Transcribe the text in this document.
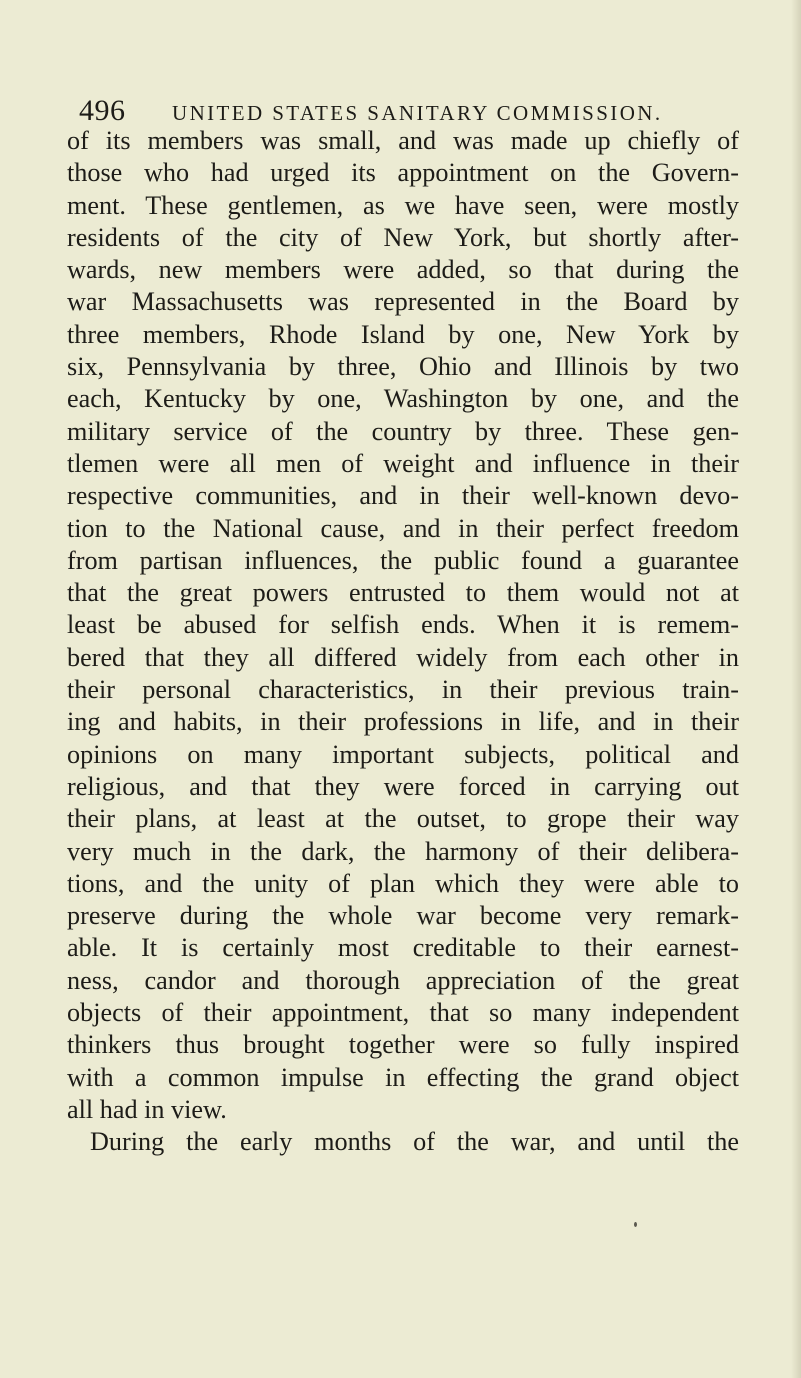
496 UNITED STATES SANITARY COMMISSION.
of its members was small, and was made up chiefly of
those who had urged its appointment on the Govern-
ment. These gentlemen, as we have seen, were mostly
residents of the city of New York, but shortly after-
wards, new members were added, so that during the
war Massachusetts was represented in the Board by
three members, Rhode Island by one, New York by
six, Pennsylvania by three, Ohio and Illinois by two
each, Kentucky by one, Washington by one, and the
military service of the country by three. These gen-
tlemen were all men of weight and influence in their
respective communities, and in their well-known devo-
tion to the National cause, and in their perfect freedom
from partisan influences, the public found a guarantee
that the great powers entrusted to them would not at
least be abused for selfish ends. When it is remem-
bered that they all differed widely from each other in
their personal characteristics, in their previous train-
ing and habits, in their professions in life, and in their
opinions on many important subjects, political and
religious, and that they were forced in carrying out
their plans, at least at the outset, to grope their way
very much in the dark, the harmony of their delibera-
tions, and the unity of plan which they were able to
preserve during the whole war become very remark-
able. It is certainly most creditable to their earnest-
ness, candor and thorough appreciation of the great
objects of their appointment, that so many independent
thinkers thus brought together were so fully inspired
with a common impulse in effecting the grand object
all had in view.
During the early months of the war, and until the
